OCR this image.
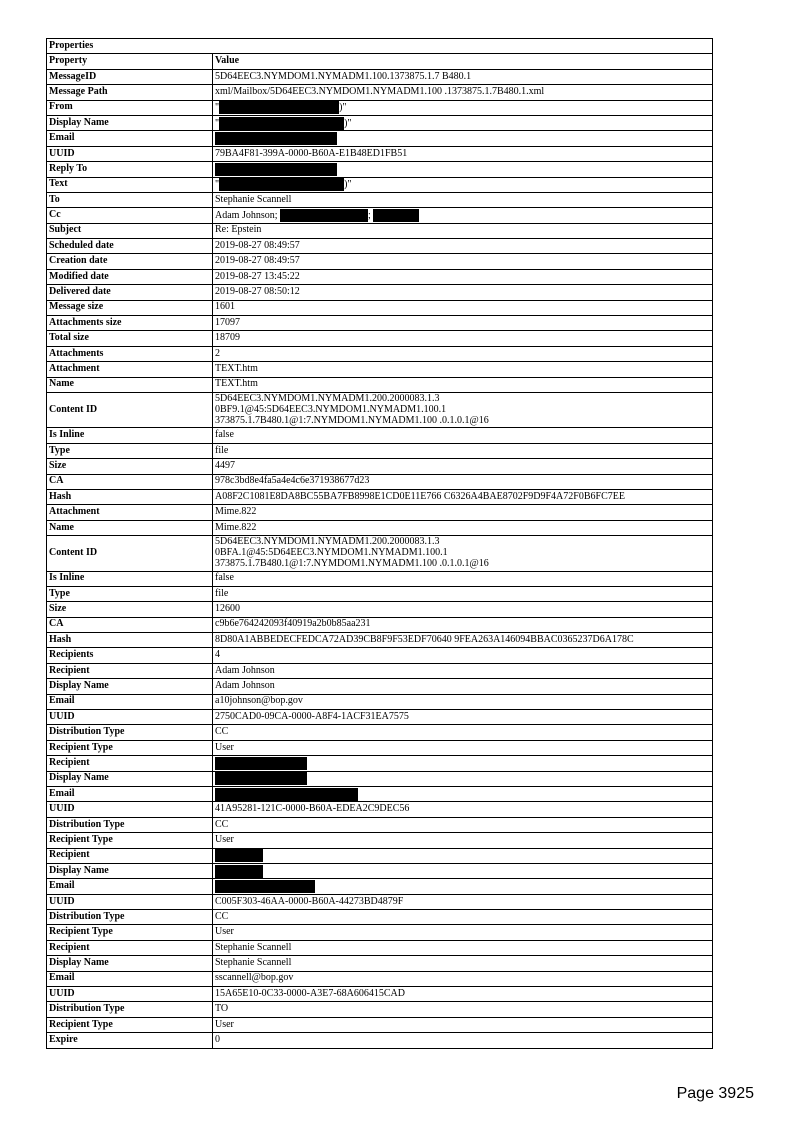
Properties	
Property	Value
MessageID	5D64EEC3.NYMDOM1.NYMADM1.100.1373875.1.7 B480.1
Message Path	xml/Mailbox/5D64EEC3.NYMDOM1.NYMADM1.100 .1373875.1.7B480.1.xml
From	" )"
Display Name	" )"
Email	
UUID	79BA4F81-399A-0000-B60A-E1B48ED1FB51
Reply To	
Text	" )"
To	Stephanie Scannell
Cc	Adam Johnson; ;
Subject	Re: Epstein
Scheduled date	2019-08-27 08:49:57
Creation date	2019-08-27 08:49:57
Modified date	2019-08-27 13:45:22
Delivered date	2019-08-27 08:50:12
Message size	1601
Attachments size	17097
Total size	18709
Attachments	2
Attachment	TEXT.htm
Name	TEXT.htm
Content ID	5D64EEC3.NYMDOM1.NYMADM1.200.2000083.1.3
0BF9.1@45:5D64EEC3.NYMDOM1.NYMADM1.100.1
373875.1.7B480.1@1:7.NYMDOM1.NYMADM1.100 .0.1.0.1@16

Is Inline	false
Type	file
Size	4497
CA	978c3bd8e4fa5a4e4c6e371938677d23
Hash	A08F2C1081E8DA8BC55BA7FB8998E1CD0E11E766 C6326A4BAE8702F9D9F4A72F0B6FC7EE
Attachment	Mime.822
Name	Mime.822
Content ID	5D64EEC3.NYMDOM1.NYMADM1.200.2000083.1.3
0BFA.1@45:5D64EEC3.NYMDOM1.NYMADM1.100.1
373875.1.7B480.1@1:7.NYMDOM1.NYMADM1.100 .0.1.0.1@16

Is Inline	false
Type	file
Size	12600
CA	c9b6e764242093f40919a2b0b85aa231
Hash	8D80A1ABBEDECFEDCA72AD39CB8F9F53EDF70640 9FEA263A146094BBAC0365237D6A178C
Recipients	4
Recipient	Adam Johnson
Display Name	Adam Johnson
Email	a10johnson@bop.gov
UUID	2750CAD0-09CA-0000-A8F4-1ACF31EA7575
Distribution Type	CC
Recipient Type	User
Recipient	
Display Name	
Email	
UUID	41A95281-121C-0000-B60A-EDEA2C9DEC56
Distribution Type	CC
Recipient Type	User
Recipient	
Display Name	
Email	
UUID	C005F303-46AA-0000-B60A-44273BD4879F
Distribution Type	CC
Recipient Type	User
Recipient	Stephanie Scannell
Display Name	Stephanie Scannell
Email	sscannell@bop.gov
UUID	15A65E10-0C33-0000-A3E7-68A606415CAD
Distribution Type	TO
Recipient Type	User
Expire	0
Page 3925
